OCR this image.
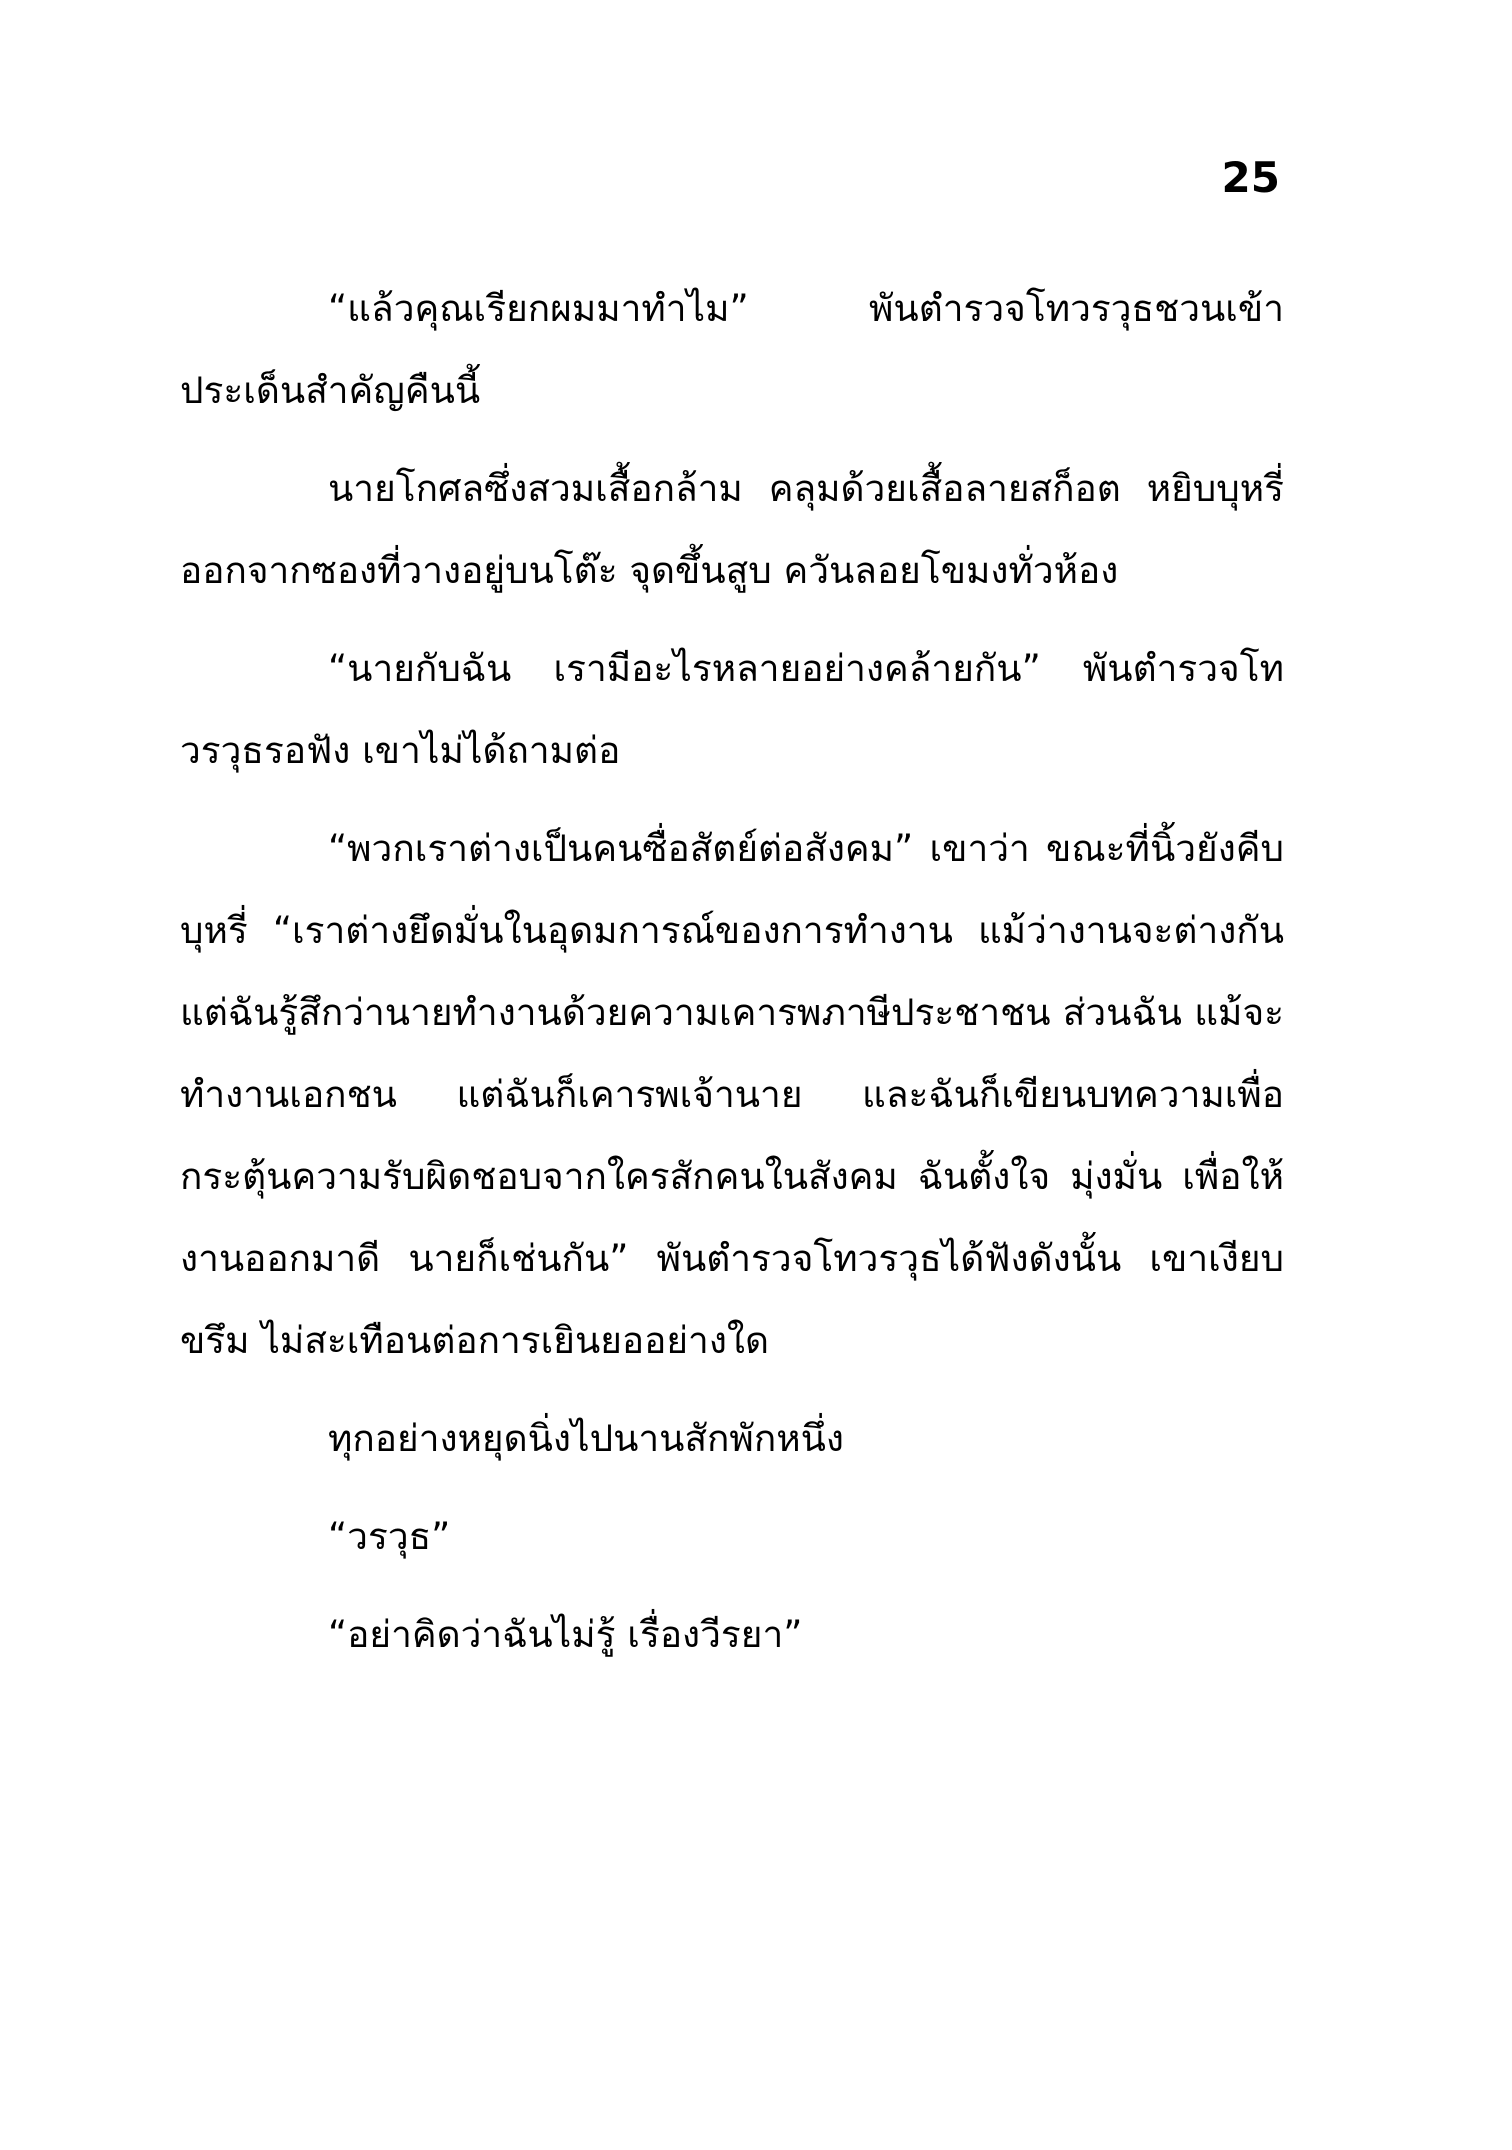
25

“แล้วคุณเรียกผมมาทำไม” พันตำรวจโทวรวุธชวนเข้าประเด็นสำคัญคืนนี้

นายโกศลซึ่งสวมเสื้อกล้าม คลุมด้วยเสื้อลายสก็อต หยิบบุหรี่ออกจากซองที่วางอยู่บนโต๊ะ จุดขึ้นสูบ ควันลอยโขมงทั่วห้อง

“นายกับฉัน เรามีอะไรหลายอย่างคล้ายกัน” พันตำรวจโทวรวุธรอฟัง เขาไม่ได้ถามต่อ

“พวกเราต่างเป็นคนซื่อสัตย์ต่อสังคม” เขาว่า ขณะที่นิ้วยังคีบบุหรี่ “เราต่างยึดมั่นในอุดมการณ์ของการทำงาน แม้ว่างานจะต่างกัน แต่ฉันรู้สึกว่านายทำงานด้วยความเคารพภาษีประชาชน ส่วนฉัน แม้จะทำงานเอกชน แต่ฉันก็เคารพเจ้านาย และฉันก็เขียนบทความเพื่อกระตุ้นความรับผิดชอบจากใครสักคนในสังคม ฉันตั้งใจ มุ่งมั่น เพื่อให้งานออกมาดี นายก็เช่นกัน” พันตำรวจโทวรวุธได้ฟังดังนั้น เขาเงียบขรึม ไม่สะเทือนต่อการเยินยออย่างใด

ทุกอย่างหยุดนิ่งไปนานสักพักหนึ่ง

“วรวุธ”

“อย่าคิดว่าฉันไม่รู้ เรื่องวีรยา”
